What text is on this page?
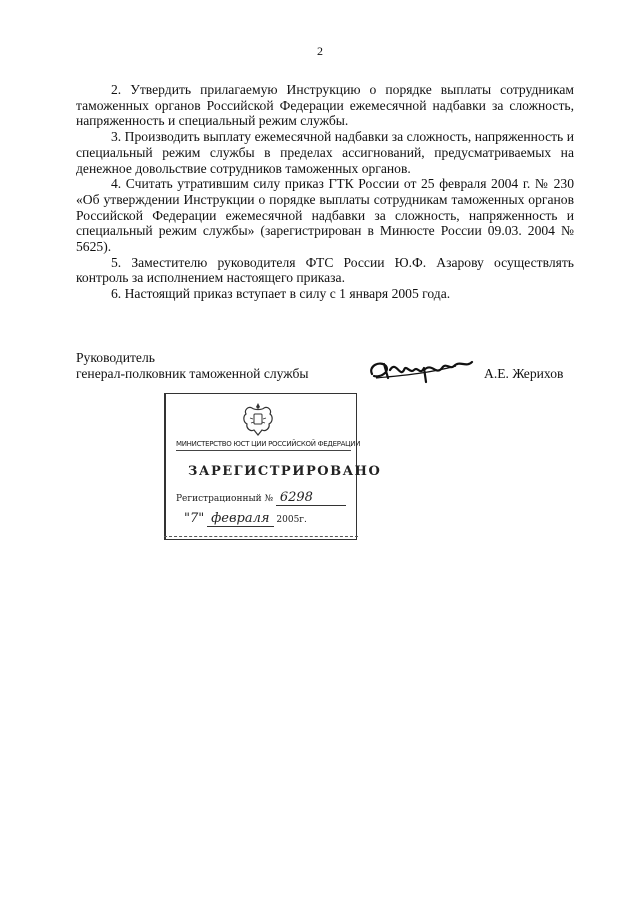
2

2. Утвердить прилагаемую Инструкцию о порядке выплаты сотрудникам таможенных органов Российской Федерации ежемесячной надбавки за сложность, напряженность и специальный режим службы.

3. Производить выплату ежемесячной надбавки за сложность, напряженность и специальный режим службы в пределах ассигнований, предусматриваемых на денежное довольствие сотрудников таможенных органов.

4. Считать утратившим силу приказ ГТК России от 25 февраля 2004 г. № 230 «Об утверждении Инструкции о порядке выплаты сотрудникам таможенных органов Российской Федерации ежемесячной надбавки за сложность, напряженность и специальный режим службы» (зарегистрирован в Минюсте России 09.03. 2004 № 5625).

5. Заместителю руководителя ФТС России Ю.Ф. Азарову осуществлять контроль за исполнением настоящего приказа.

6. Настоящий приказ вступает в силу с 1 января 2005 года.

Руководитель
генерал-полковник таможенной службы	А.Е. Жерихов
МИНИСТЕРСТВО ЮСТ ЦИИ РОССИЙСКОЙ ФЕДЕРАЦИИ
ЗАРЕГИСТРИРОВАНО
Регистрационный № 6298
"7" февраля 2005г.
